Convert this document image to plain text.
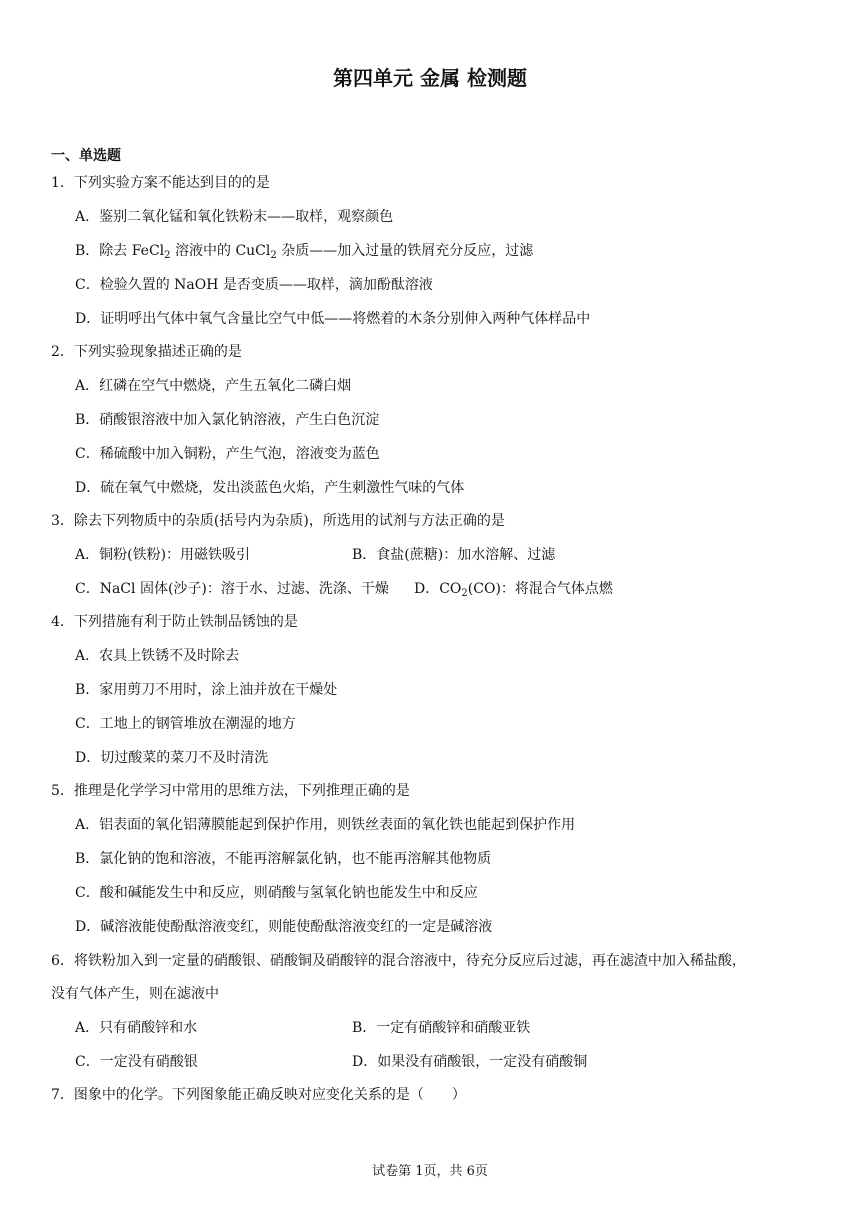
第四单元 金属 检测题
一、单选题
1．下列实验方案不能达到目的的是
A．鉴别二氧化锰和氧化铁粉末——取样，观察颜色
B．除去 FeCl$_2$ 溶液中的 CuCl$_2$ 杂质——加入过量的铁屑充分反应，过滤
C．检验久置的 NaOH 是否变质——取样，滴加酚酞溶液
D．证明呼出气体中氧气含量比空气中低——将燃着的木条分别伸入两种气体样品中
2．下列实验现象描述正确的是
A．红磷在空气中燃烧，产生五氧化二磷白烟
B．硝酸银溶液中加入氯化钠溶液，产生白色沉淀
C．稀硫酸中加入铜粉，产生气泡，溶液变为蓝色
D．硫在氧气中燃烧，发出淡蓝色火焰，产生刺激性气味的气体
3．除去下列物质中的杂质(括号内为杂质)，所选用的试剂与方法正确的是
A．铜粉(铁粉)：用磁铁吸引	B．食盐(蔗糖)：加水溶解、过滤
C．NaCl 固体(沙子)：溶于水、过滤、洗涤、干燥 D．$CO_2(CO)$：将混合气体点燃
4．下列措施有利于防止铁制品锈蚀的是
A．农具上铁锈不及时除去
B．家用剪刀不用时，涂上油并放在干燥处
C．工地上的钢管堆放在潮湿的地方
D．切过酸菜的菜刀不及时清洗
5．推理是化学学习中常用的思维方法，下列推理正确的是
A．铝表面的氧化铝薄膜能起到保护作用，则铁丝表面的氧化铁也能起到保护作用
B．氯化钠的饱和溶液，不能再溶解氯化钠，也不能再溶解其他物质
C．酸和碱能发生中和反应，则硝酸与氢氧化钠也能发生中和反应
D．碱溶液能使酚酞溶液变红，则能使酚酞溶液变红的一定是碱溶液
6．将铁粉加入到一定量的硝酸银、硝酸铜及硝酸锌的混合溶液中，待充分反应后过滤，再在滤渣中加入稀盐酸，
没有气体产生，则在滤液中
A．只有硝酸锌和水	B．一定有硝酸锌和硝酸亚铁
C．一定没有硝酸银	D．如果没有硝酸银，一定没有硝酸铜
7．图象中的化学。下列图象能正确反映对应变化关系的是（　　）
试卷第 1页，共 6页
